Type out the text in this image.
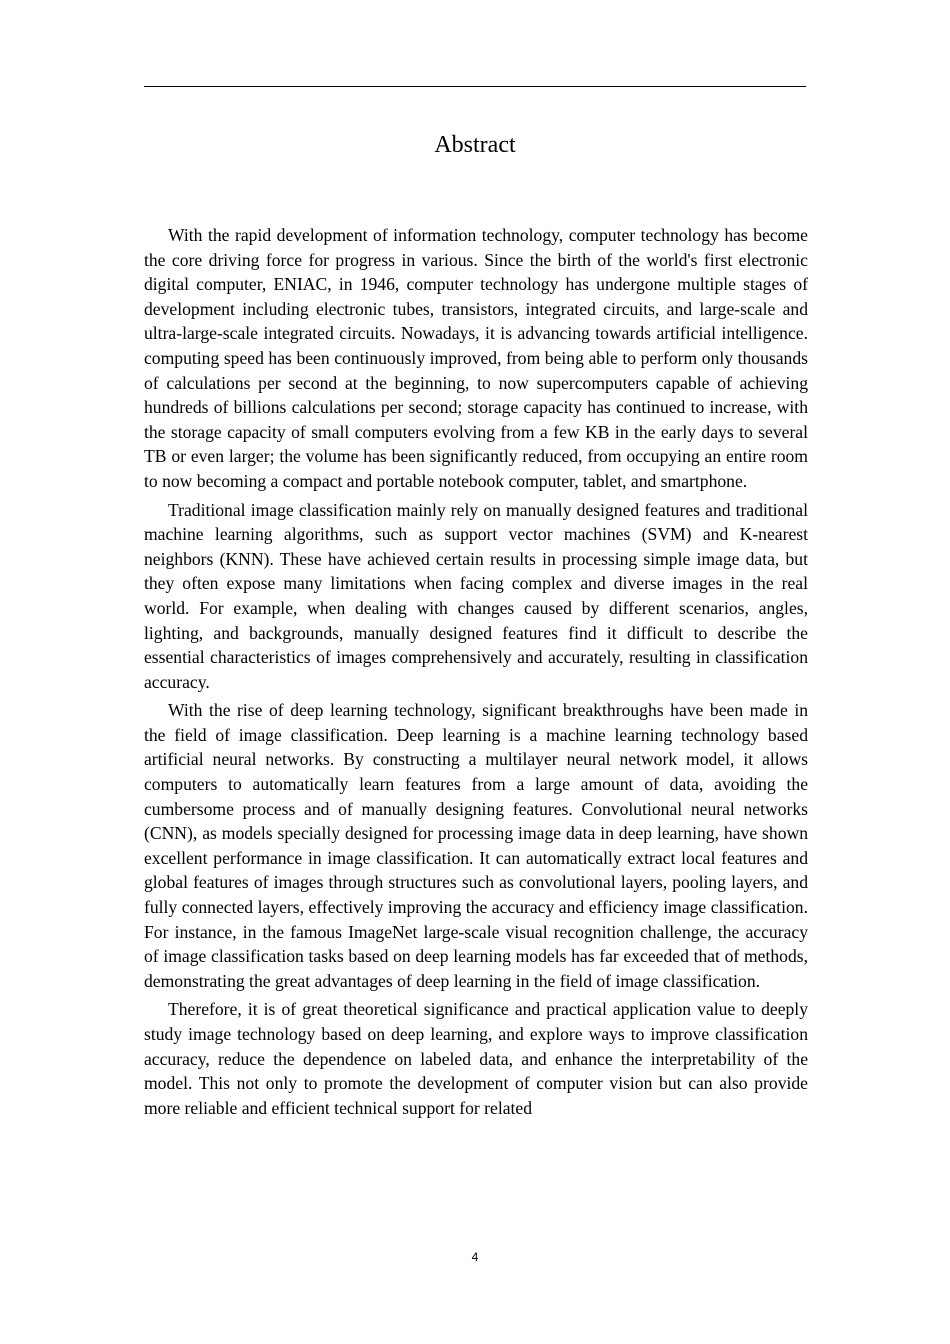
Abstract

With the rapid development of information technology, computer technology has become the core driving force for progress in various. Since the birth of the world's first electronic digital computer, ENIAC, in 1946, computer technology has undergone multiple stages of development including electronic tubes, transistors, integrated circuits, and large-scale and ultra-large-scale integrated circuits. Nowadays, it is advancing towards artificial intelligence. computing speed has been continuously improved, from being able to perform only thousands of calculations per second at the beginning, to now supercomputers capable of achieving hundreds of billions calculations per second; storage capacity has continued to increase, with the storage capacity of small computers evolving from a few KB in the early days to several TB or even larger; the volume has been significantly reduced, from occupying an entire room to now becoming a compact and portable notebook computer, tablet, and smartphone.

Traditional image classification mainly rely on manually designed features and traditional machine learning algorithms, such as support vector machines (SVM) and K-nearest neighbors (KNN). These have achieved certain results in processing simple image data, but they often expose many limitations when facing complex and diverse images in the real world. For example, when dealing with changes caused by different scenarios, angles, lighting, and backgrounds, manually designed features find it difficult to describe the essential characteristics of images comprehensively and accurately, resulting in classification accuracy.

With the rise of deep learning technology, significant breakthroughs have been made in the field of image classification. Deep learning is a machine learning technology based artificial neural networks. By constructing a multilayer neural network model, it allows computers to automatically learn features from a large amount of data, avoiding the cumbersome process and of manually designing features. Convolutional neural networks (CNN), as models specially designed for processing image data in deep learning, have shown excellent performance in image classification. It can automatically extract local features and global features of images through structures such as convolutional layers, pooling layers, and fully connected layers, effectively improving the accuracy and efficiency image classification. For instance, in the famous ImageNet large-scale visual recognition challenge, the accuracy of image classification tasks based on deep learning models has far exceeded that of methods, demonstrating the great advantages of deep learning in the field of image classification.

Therefore, it is of great theoretical significance and practical application value to deeply study image technology based on deep learning, and explore ways to improve classification accuracy, reduce the dependence on labeled data, and enhance the interpretability of the model. This not only to promote the development of computer vision but can also provide more reliable and efficient technical support for related

4
